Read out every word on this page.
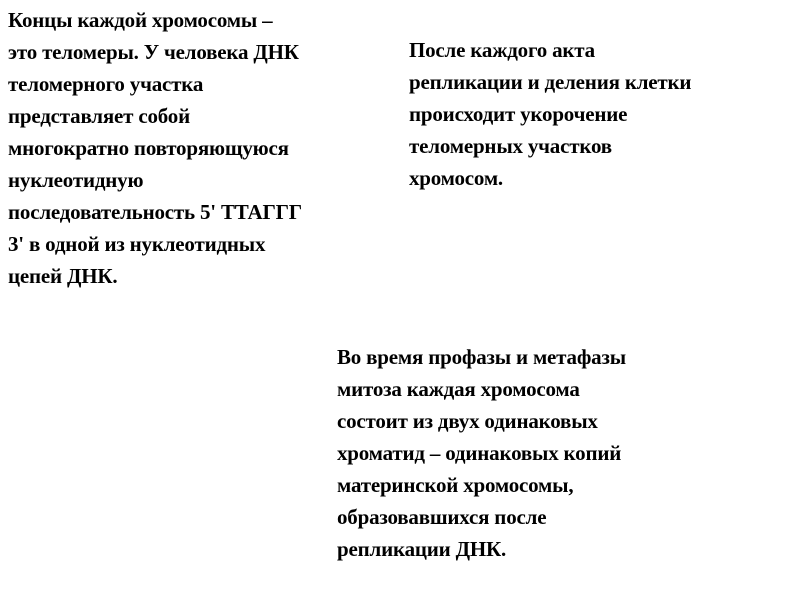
Концы каждой хромосомы –
это теломеры. У человека ДНК
теломерного участка
представляет собой
многократно повторяющуюся
нуклеотидную
последовательность 5' ТТАГГГ
3' в одной из нуклеотидных
цепей ДНК.

После каждого акта
репликации и деления клетки
происходит укорочение
теломерных участков
хромосом.

Во время профазы и метафазы
митоза каждая хромосома
состоит из двух одинаковых
хроматид – одинаковых копий
материнской хромосомы,
образовавшихся после
репликации ДНК.
